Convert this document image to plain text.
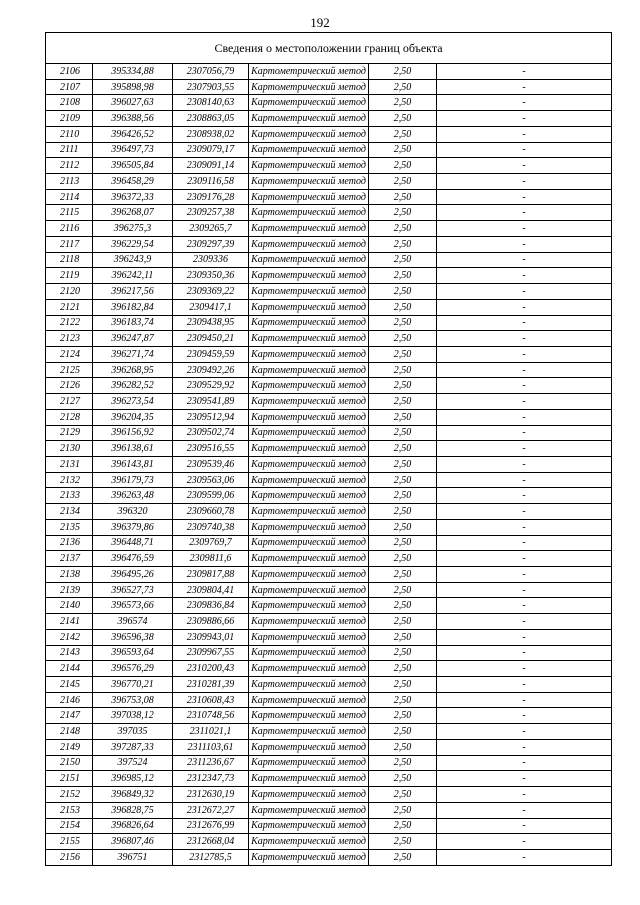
192
Сведения о местоположении границ объекта					
2106	395334,88	2307056,79	Картометрический метод	2,50	-
2107	395898,98	2307903,55	Картометрический метод	2,50	-
2108	396027,63	2308140,63	Картометрический метод	2,50	-
2109	396388,56	2308863,05	Картометрический метод	2,50	-
2110	396426,52	2308938,02	Картометрический метод	2,50	-
2111	396497,73	2309079,17	Картометрический метод	2,50	-
2112	396505,84	2309091,14	Картометрический метод	2,50	-
2113	396458,29	2309116,58	Картометрический метод	2,50	-
2114	396372,33	2309176,28	Картометрический метод	2,50	-
2115	396268,07	2309257,38	Картометрический метод	2,50	-
2116	396275,3	2309265,7	Картометрический метод	2,50	-
2117	396229,54	2309297,39	Картометрический метод	2,50	-
2118	396243,9	2309336	Картометрический метод	2,50	-
2119	396242,11	2309350,36	Картометрический метод	2,50	-
2120	396217,56	2309369,22	Картометрический метод	2,50	-
2121	396182,84	2309417,1	Картометрический метод	2,50	-
2122	396183,74	2309438,95	Картометрический метод	2,50	-
2123	396247,87	2309450,21	Картометрический метод	2,50	-
2124	396271,74	2309459,59	Картометрический метод	2,50	-
2125	396268,95	2309492,26	Картометрический метод	2,50	-
2126	396282,52	2309529,92	Картометрический метод	2,50	-
2127	396273,54	2309541,89	Картометрический метод	2,50	-
2128	396204,35	2309512,94	Картометрический метод	2,50	-
2129	396156,92	2309502,74	Картометрический метод	2,50	-
2130	396138,61	2309516,55	Картометрический метод	2,50	-
2131	396143,81	2309539,46	Картометрический метод	2,50	-
2132	396179,73	2309563,06	Картометрический метод	2,50	-
2133	396263,48	2309599,06	Картометрический метод	2,50	-
2134	396320	2309660,78	Картометрический метод	2,50	-
2135	396379,86	2309740,38	Картометрический метод	2,50	-
2136	396448,71	2309769,7	Картометрический метод	2,50	-
2137	396476,59	2309811,6	Картометрический метод	2,50	-
2138	396495,26	2309817,88	Картометрический метод	2,50	-
2139	396527,73	2309804,41	Картометрический метод	2,50	-
2140	396573,66	2309836,84	Картометрический метод	2,50	-
2141	396574	2309886,66	Картометрический метод	2,50	-
2142	396596,38	2309943,01	Картометрический метод	2,50	-
2143	396593,64	2309967,55	Картометрический метод	2,50	-
2144	396576,29	2310200,43	Картометрический метод	2,50	-
2145	396770,21	2310281,39	Картометрический метод	2,50	-
2146	396753,08	2310608,43	Картометрический метод	2,50	-
2147	397038,12	2310748,56	Картометрический метод	2,50	-
2148	397035	2311021,1	Картометрический метод	2,50	-
2149	397287,33	2311103,61	Картометрический метод	2,50	-
2150	397524	2311236,67	Картометрический метод	2,50	-
2151	396985,12	2312347,73	Картометрический метод	2,50	-
2152	396849,32	2312630,19	Картометрический метод	2,50	-
2153	396828,75	2312672,27	Картометрический метод	2,50	-
2154	396826,64	2312676,99	Картометрический метод	2,50	-
2155	396807,46	2312668,04	Картометрический метод	2,50	-
2156	396751	2312785,5	Картометрический метод	2,50	-
